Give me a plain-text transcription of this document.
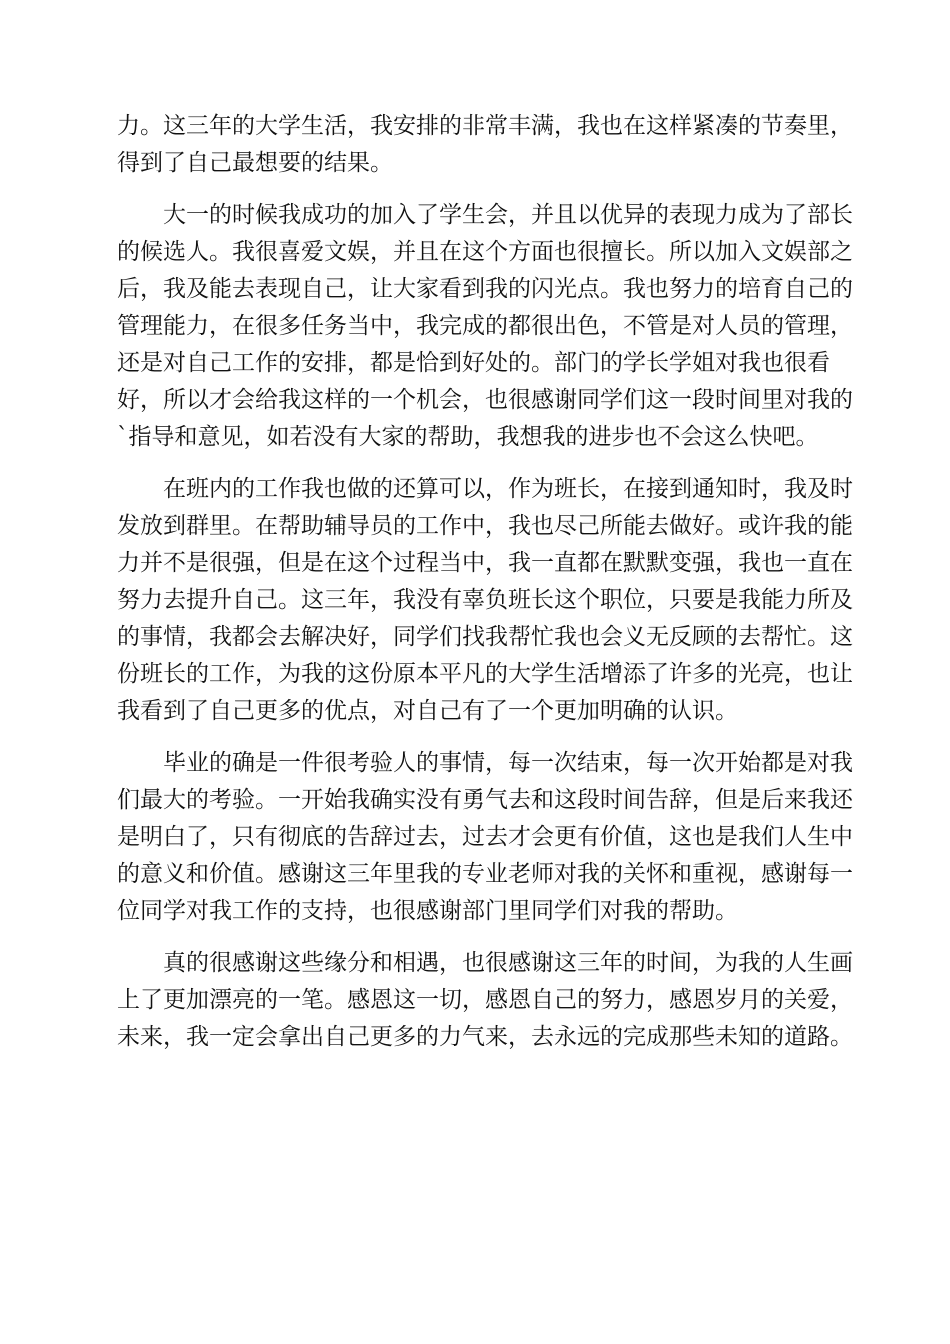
力。这三年的大学生活，我安排的非常丰满，我也在这样紧凑的节奏里，
得到了自己最想要的结果。

大一的时候我成功的加入了学生会，并且以优异的表现力成为了部长
的候选人。我很喜爱文娱，并且在这个方面也很擅长。所以加入文娱部之
后，我及能去表现自己，让大家看到我的闪光点。我也努力的培育自己的
管理能力，在很多任务当中，我完成的都很出色，不管是对人员的管理，
还是对自己工作的安排，都是恰到好处的。部门的学长学姐对我也很看
好，所以才会给我这样的一个机会，也很感谢同学们这一段时间里对我的
`指导和意见，如若没有大家的帮助，我想我的进步也不会这么快吧。

在班内的工作我也做的还算可以，作为班长，在接到通知时，我及时
发放到群里。在帮助辅导员的工作中，我也尽己所能去做好。或许我的能
力并不是很强，但是在这个过程当中，我一直都在默默变强，我也一直在
努力去提升自己。这三年，我没有辜负班长这个职位，只要是我能力所及
的事情，我都会去解决好，同学们找我帮忙我也会义无反顾的去帮忙。这
份班长的工作，为我的这份原本平凡的大学生活增添了许多的光亮，也让
我看到了自己更多的优点，对自己有了一个更加明确的认识。

毕业的确是一件很考验人的事情，每一次结束，每一次开始都是对我
们最大的考验。一开始我确实没有勇气去和这段时间告辞，但是后来我还
是明白了，只有彻底的告辞过去，过去才会更有价值，这也是我们人生中
的意义和价值。感谢这三年里我的专业老师对我的关怀和重视，感谢每一
位同学对我工作的支持，也很感谢部门里同学们对我的帮助。

真的很感谢这些缘分和相遇，也很感谢这三年的时间，为我的人生画
上了更加漂亮的一笔。感恩这一切，感恩自己的努力，感恩岁月的关爱，
未来，我一定会拿出自己更多的力气来，去永远的完成那些未知的道路。
